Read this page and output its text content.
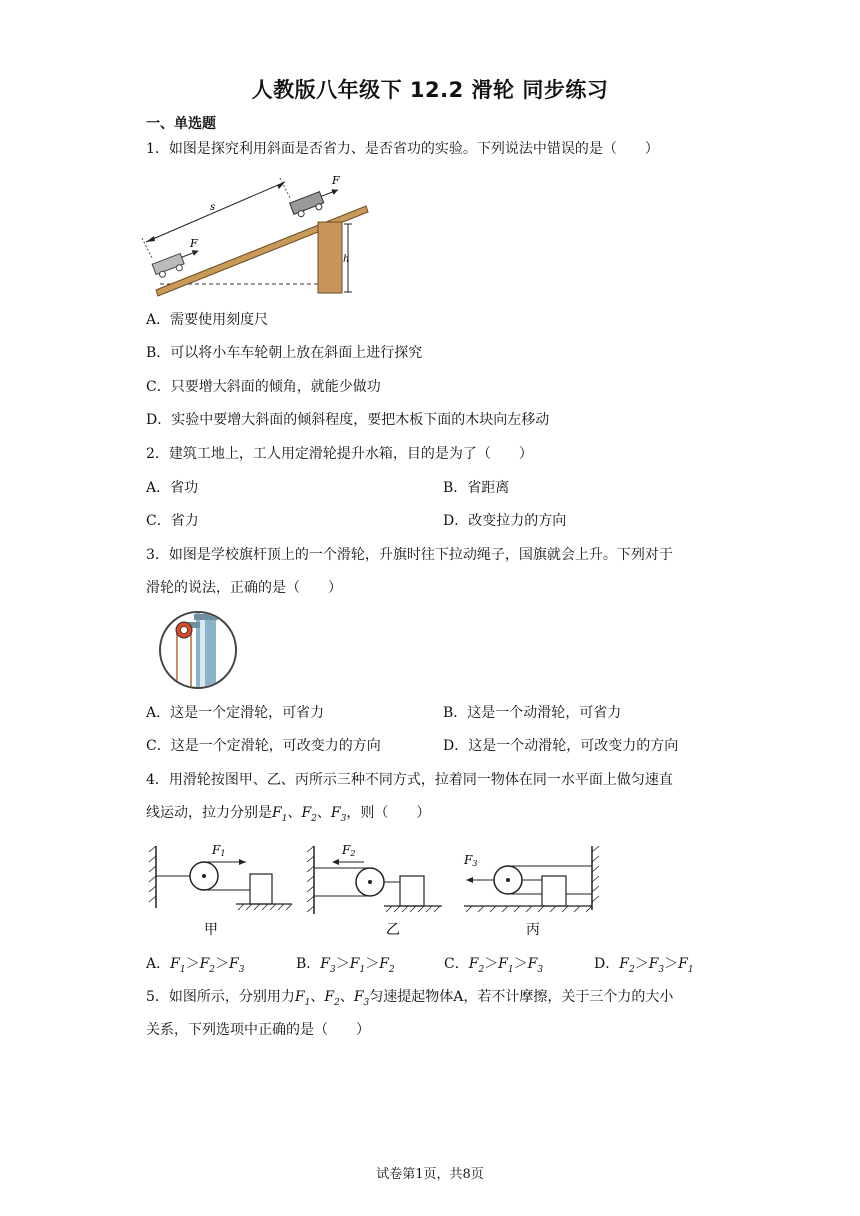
人教版八年级下 12.2 滑轮 同步练习
一、单选题
1．如图是探究利用斜面是否省力、是否省功的实验。下列说法中错误的是（　　）
h
s
F
F
A．需要使用刻度尺
B．可以将小车车轮朝上放在斜面上进行探究
C．只要增大斜面的倾角，就能少做功
D．实验中要增大斜面的倾斜程度，要把木板下面的木块向左移动
2．建筑工地上，工人用定滑轮提升水箱，目的是为了（　　）
A．省功	B．省距离
C．省力	D．改变拉力的方向
3．如图是学校旗杆顶上的一个滑轮，升旗时往下拉动绳子，国旗就会上升。下列对于
滑轮的说法，正确的是（　　）
A．这是一个定滑轮，可省力	B．这是一个动滑轮，可省力
C．这是一个定滑轮，可改变力的方向	D．这是一个动滑轮，可改变力的方向
4．用滑轮按图甲、乙、丙所示三种不同方式，拉着同一物体在同一水平面上做匀速直
线运动，拉力分别是$F_1$、$F_2$、$F_3$，则（　　）
F1
甲
F2
乙
F3
丙
A．$F_1>F_2>F_3$	B．$F_3>F_1>F_2$	C．$F_2>F_1>F_3$	D．$F_2>F_3>F_1$
5．如图所示，分别用力$F_1$、$F_2$、$F_3$匀速提起物体A，若不计摩擦，关于三个力的大小
关系，下列选项中正确的是（　　）
试卷第1页，共8页
